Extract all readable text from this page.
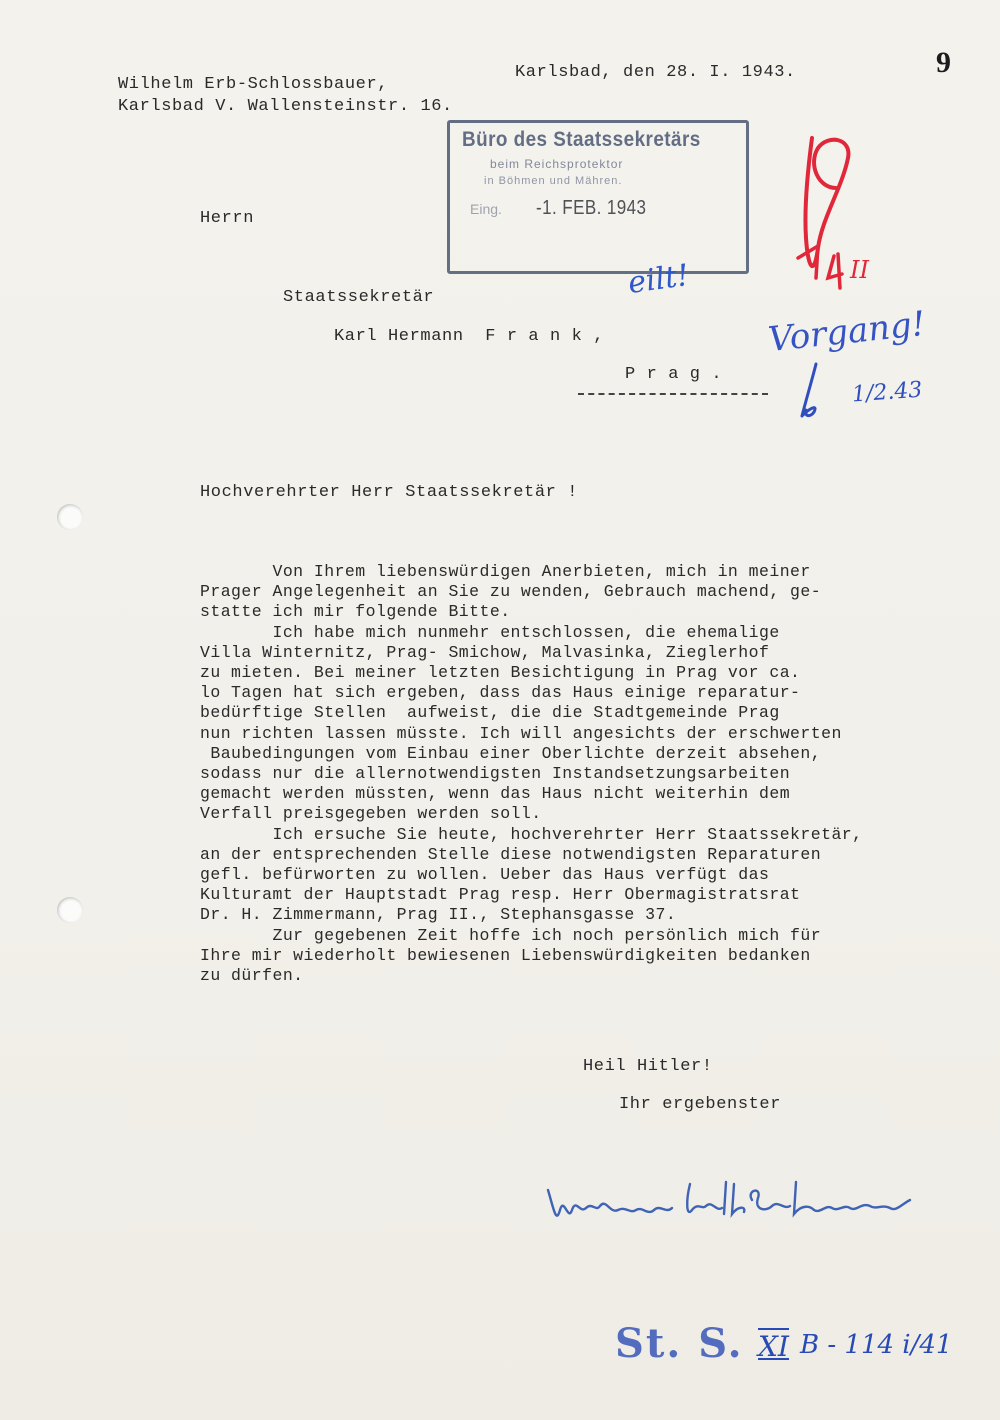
9
Wilhelm Erb-Schlossbauer,
Karlsbad V. Wallensteinstr. 16.
Karlsbad, den 28. I. 1943.
Büro des Staatssekretärs
beim Reichsprotektor
in Böhmen und Mähren.
Eing. -1. FEB. 1943
Herrn
Staatssekretär
Karl Hermann  F r a n k ,
P r a g .
II
eilt!
Vorgang!
1/2.43
Hochverehrter Herr Staatssekretär !
Von Ihrem liebenswürdigen Anerbieten, mich in meiner
Prager Angelegenheit an Sie zu wenden, Gebrauch machend, ge-
statte ich mir folgende Bitte.
Ich habe mich nunmehr entschlossen, die ehemalige
Villa Winternitz, Prag- Smichow, Malvasinka, Zieglerhof
zu mieten. Bei meiner letzten Besichtigung in Prag vor ca.
lo Tagen hat sich ergeben, dass das Haus einige reparatur-
bedürftige Stellen  aufweist, die die Stadtgemeinde Prag
nun richten lassen müsste. Ich will angesichts der erschwerten
Baubedingungen vom Einbau einer Oberlichte derzeit absehen,
sodass nur die allernotwendigsten Instandsetzungsarbeiten
gemacht werden müssten, wenn das Haus nicht weiterhin dem
Verfall preisgegeben werden soll.
Ich ersuche Sie heute, hochverehrter Herr Staatssekretär,
an der entsprechenden Stelle diese notwendigsten Reparaturen
gefl. befürworten zu wollen. Ueber das Haus verfügt das
Kulturamt der Hauptstadt Prag resp. Herr Obermagistratsrat
Dr. H. Zimmermann, Prag II., Stephansgasse 37.
Zur gegebenen Zeit hoffe ich noch persönlich mich für
Ihre mir wiederholt bewiesenen Liebenswürdigkeiten bedanken
zu dürfen.
Heil Hitler!
Ihr ergebenster
St. S. XI B - 114 i/41
